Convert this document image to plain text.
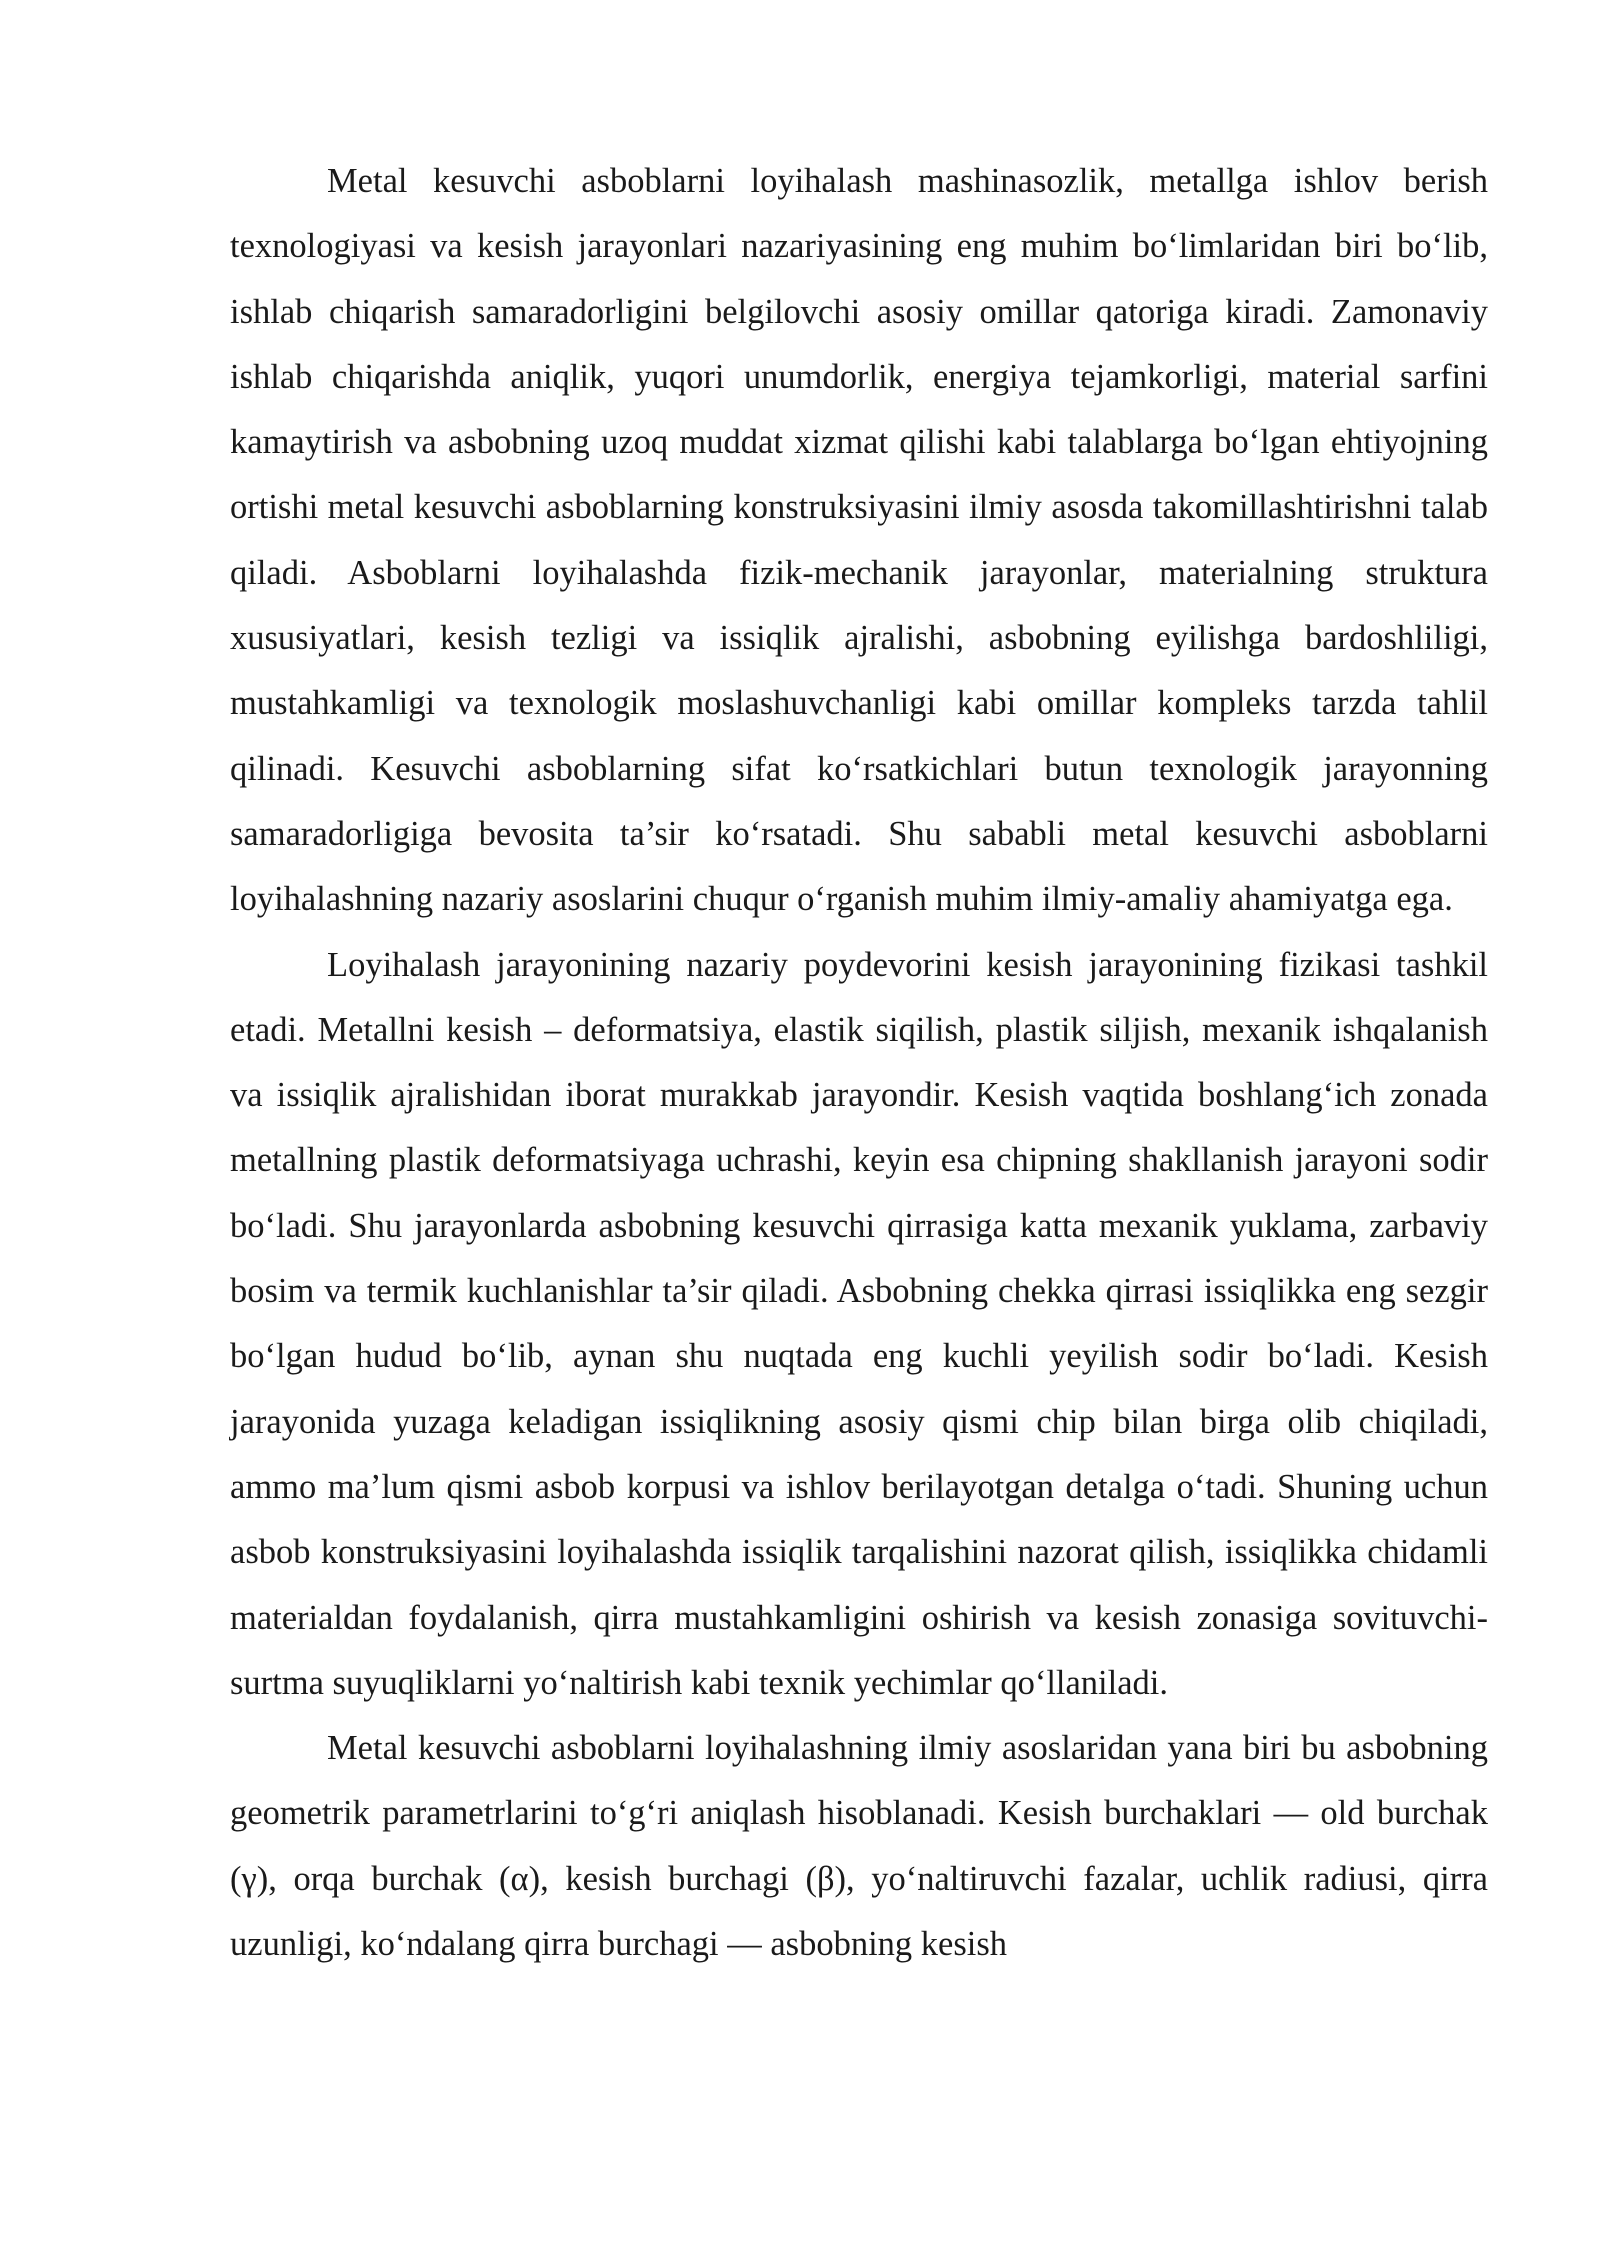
Metal kesuvchi asboblarni loyihalash mashinasozlik, metallga ishlov berish texnologiyasi va kesish jarayonlari nazariyasining eng muhim bo‘limlaridan biri bo‘lib, ishlab chiqarish samaradorligini belgilovchi asosiy omillar qatoriga kiradi. Zamonaviy ishlab chiqarishda aniqlik, yuqori unumdorlik, energiya tejamkorligi, material sarfini kamaytirish va asbobning uzoq muddat xizmat qilishi kabi talablarga bo‘lgan ehtiyojning ortishi metal kesuvchi asboblarning konstruksiyasini ilmiy asosda takomillashtirishni talab qiladi. Asboblarni loyihalashda fizik-mechanik jarayonlar, materialning struktura xususiyatlari, kesish tezligi va issiqlik ajralishi, asbobning eyilishga bardoshliligi, mustahkamligi va texnologik moslashuvchanligi kabi omillar kompleks tarzda tahlil qilinadi. Kesuvchi asboblarning sifat ko‘rsatkichlari butun texnologik jarayonning samaradorligiga bevosita ta’sir ko‘rsatadi. Shu sababli metal kesuvchi asboblarni loyihalashning nazariy asoslarini chuqur o‘rganish muhim ilmiy-amaliy ahamiyatga ega.

Loyihalash jarayonining nazariy poydevorini kesish jarayonining fizikasi tashkil etadi. Metallni kesish – deformatsiya, elastik siqilish, plastik siljish, mexanik ishqalanish va issiqlik ajralishidan iborat murakkab jarayondir. Kesish vaqtida boshlang‘ich zonada metallning plastik deformatsiyaga uchrashi, keyin esa chipning shakllanish jarayoni sodir bo‘ladi. Shu jarayonlarda asbobning kesuvchi qirrasiga katta mexanik yuklama, zarbaviy bosim va termik kuchlanishlar ta’sir qiladi. Asbobning chekka qirrasi issiqlikka eng sezgir bo‘lgan hudud bo‘lib, aynan shu nuqtada eng kuchli yeyilish sodir bo‘ladi. Kesish jarayonida yuzaga keladigan issiqlikning asosiy qismi chip bilan birga olib chiqiladi, ammo ma’lum qismi asbob korpusi va ishlov berilayotgan detalga o‘tadi. Shuning uchun asbob konstruksiyasini loyihalashda issiqlik tarqalishini nazorat qilish, issiqlikka chidamli materialdan foydalanish, qirra mustahkamligini oshirish va kesish zonasiga sovituvchi-surtma suyuqliklarni yo‘naltirish kabi texnik yechimlar qo‘llaniladi.

Metal kesuvchi asboblarni loyihalashning ilmiy asoslaridan yana biri bu asbobning geometrik parametrlarini to‘g‘ri aniqlash hisoblanadi. Kesish burchaklari — old burchak (γ), orqa burchak (α), kesish burchagi (β), yo‘naltiruvchi fazalar, uchlik radiusi, qirra uzunligi, ko‘ndalang qirra burchagi — asbobning kesish
